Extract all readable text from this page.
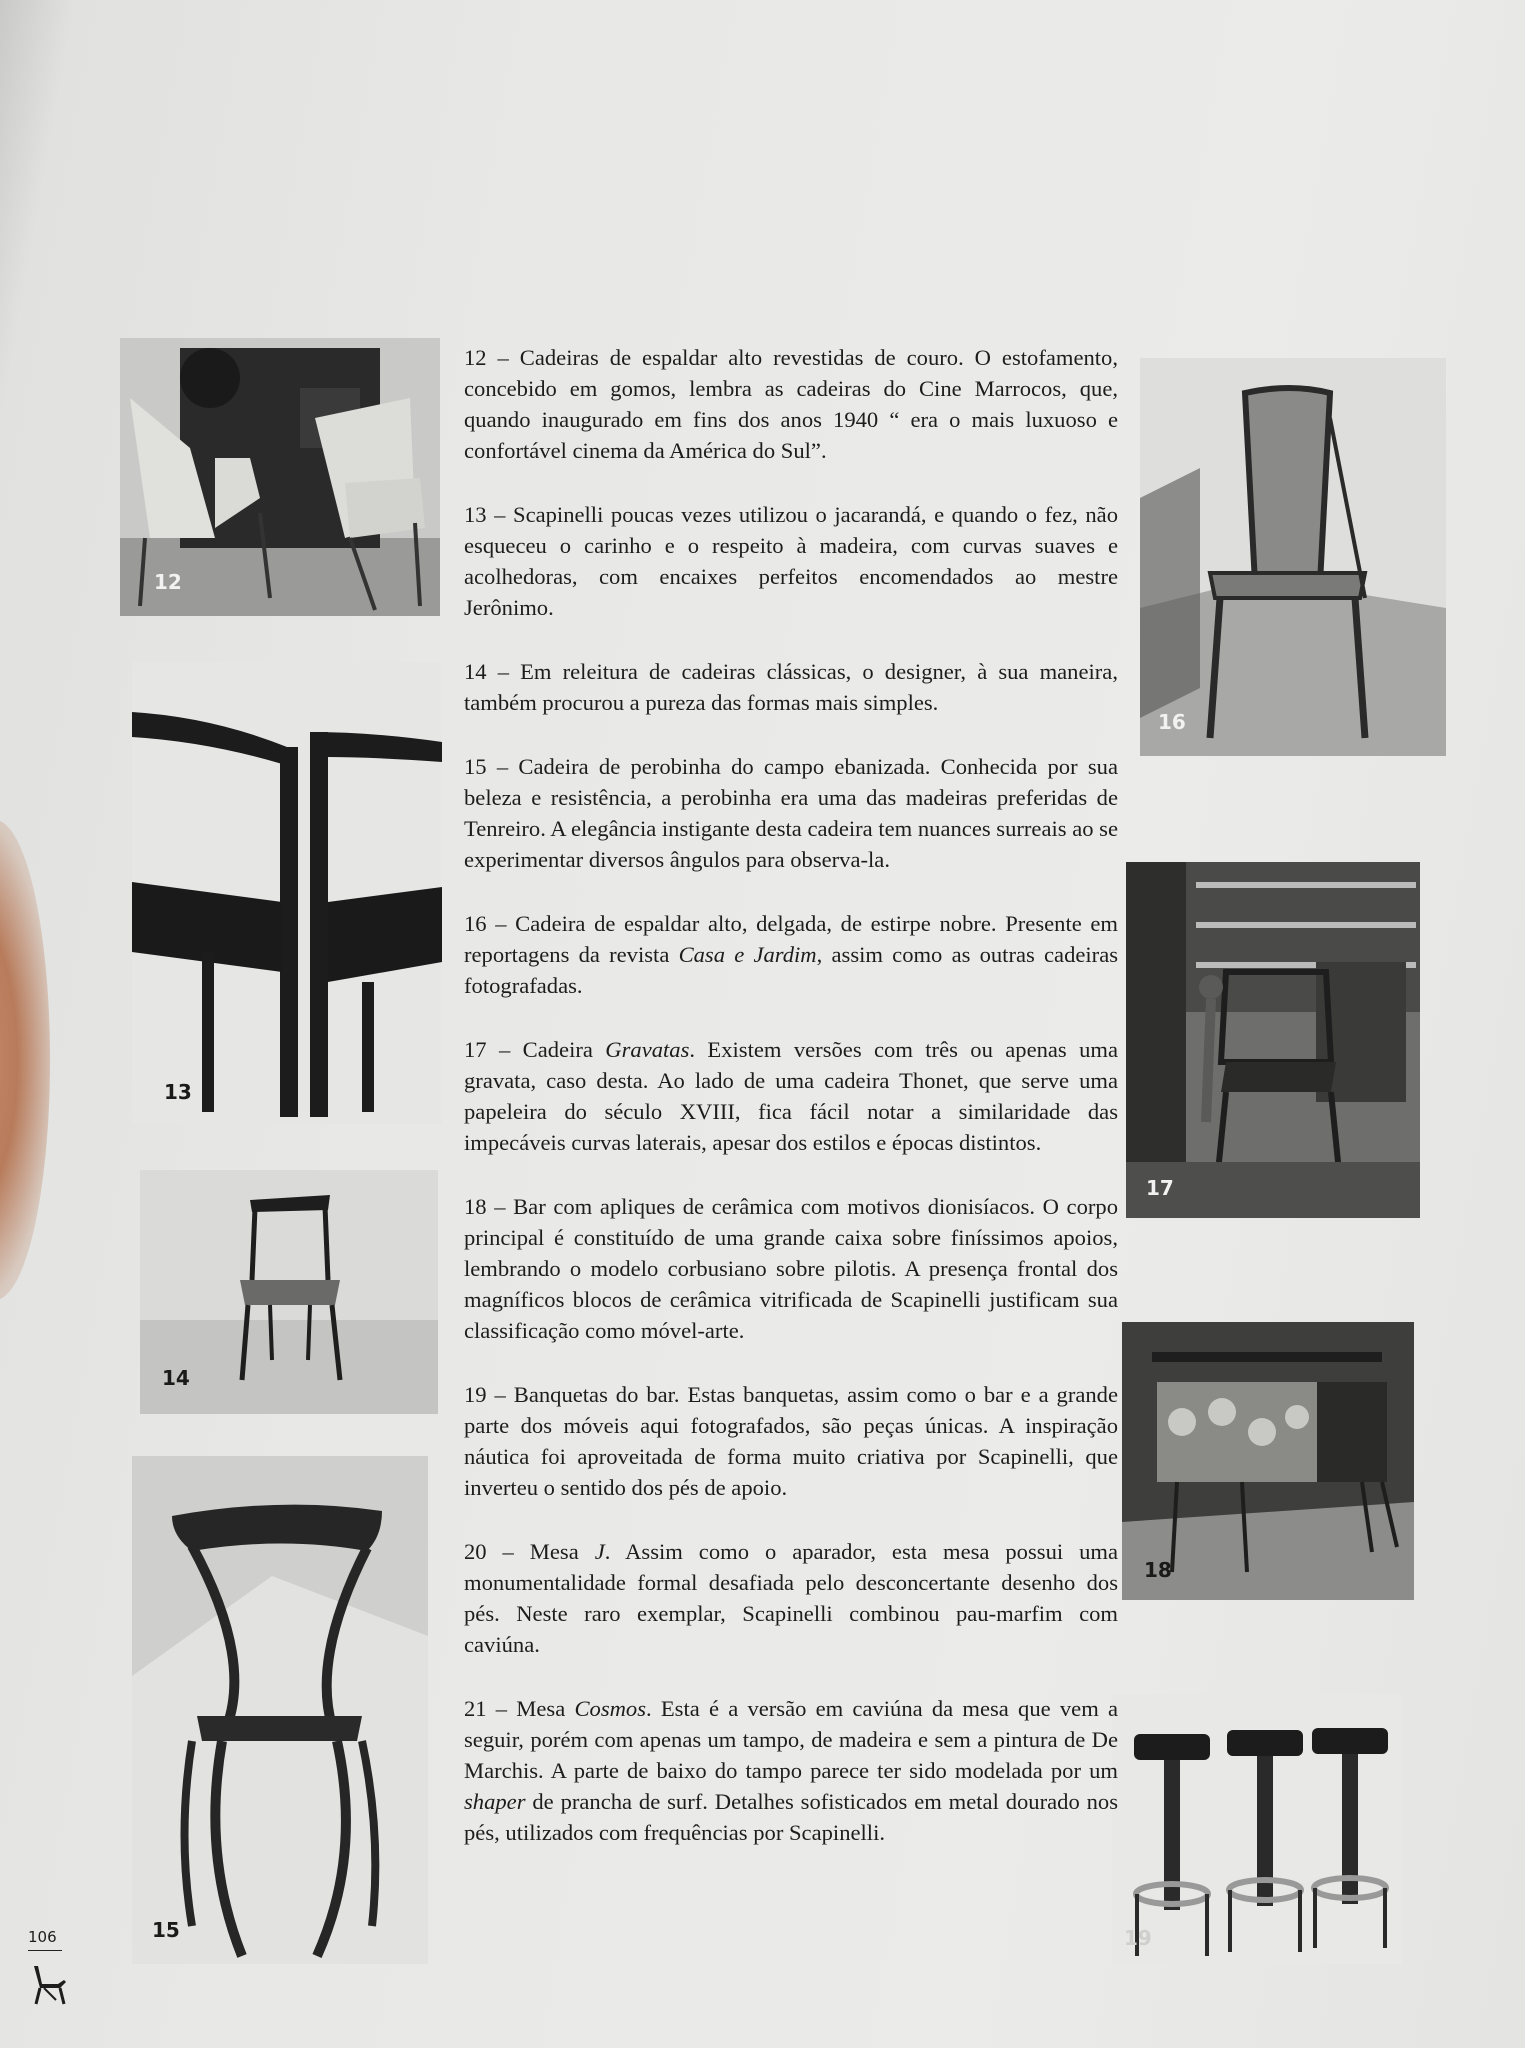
12
13
14
15
16
17
18
19

12 – Cadeiras de espaldar alto revestidas de couro. O estofamento, concebido em gomos, lembra as cadeiras do Cine Marrocos, que, quando inaugurado em fins dos anos 1940 “ era o mais luxuoso e confortável cinema da América do Sul”.

13 – Scapinelli poucas vezes utilizou o jacarandá, e quando o fez, não esqueceu o carinho e o respeito à madeira, com curvas suaves e acolhedoras, com encaixes perfeitos encomendados ao mestre Jerônimo.

14 – Em releitura de cadeiras clássicas, o designer, à sua maneira, também procurou a pureza das formas mais simples.

15 – Cadeira de perobinha do campo ebanizada. Conhecida por sua beleza e resistência, a perobinha era uma das madeiras preferidas de Tenreiro. A elegância instigante desta cadeira tem nuances surreais ao se experimentar diversos ângulos para observa-la.

16 – Cadeira de espaldar alto, delgada, de estirpe nobre. Presente em reportagens da revista Casa e Jardim, assim como as outras cadeiras fotografadas.

17 – Cadeira Gravatas. Existem versões com três ou apenas uma gravata, caso desta. Ao lado de uma cadeira Thonet, que serve uma papeleira do século XVIII, fica fácil notar a similaridade das impecáveis curvas laterais, apesar dos estilos e épocas distintos.

18 – Bar com apliques de cerâmica com motivos dionisíacos. O corpo principal é constituído de uma grande caixa sobre finíssimos apoios, lembrando o modelo corbusiano sobre pilotis. A presença frontal dos magníficos blocos de cerâmica vitrificada de Scapinelli justificam sua classificação como móvel-arte.

19 – Banquetas do bar. Estas banquetas, assim como o bar e a grande parte dos móveis aqui fotografados, são peças únicas. A inspiração náutica foi aproveitada de forma muito criativa por Scapinelli, que inverteu o sentido dos pés de apoio.

20 – Mesa J. Assim como o aparador, esta mesa possui uma monumentalidade formal desafiada pelo desconcertante desenho dos pés. Neste raro exemplar, Scapinelli combinou pau-marfim com caviúna.

21 – Mesa Cosmos. Esta é a versão em caviúna da mesa que vem a seguir, porém com apenas um tampo, de madeira e sem a pintura de De Marchis. A parte de baixo do tampo parece ter sido modelada por um shaper de prancha de surf. Detalhes sofisticados em metal dourado nos pés, utilizados com frequências por Scapinelli.

106
